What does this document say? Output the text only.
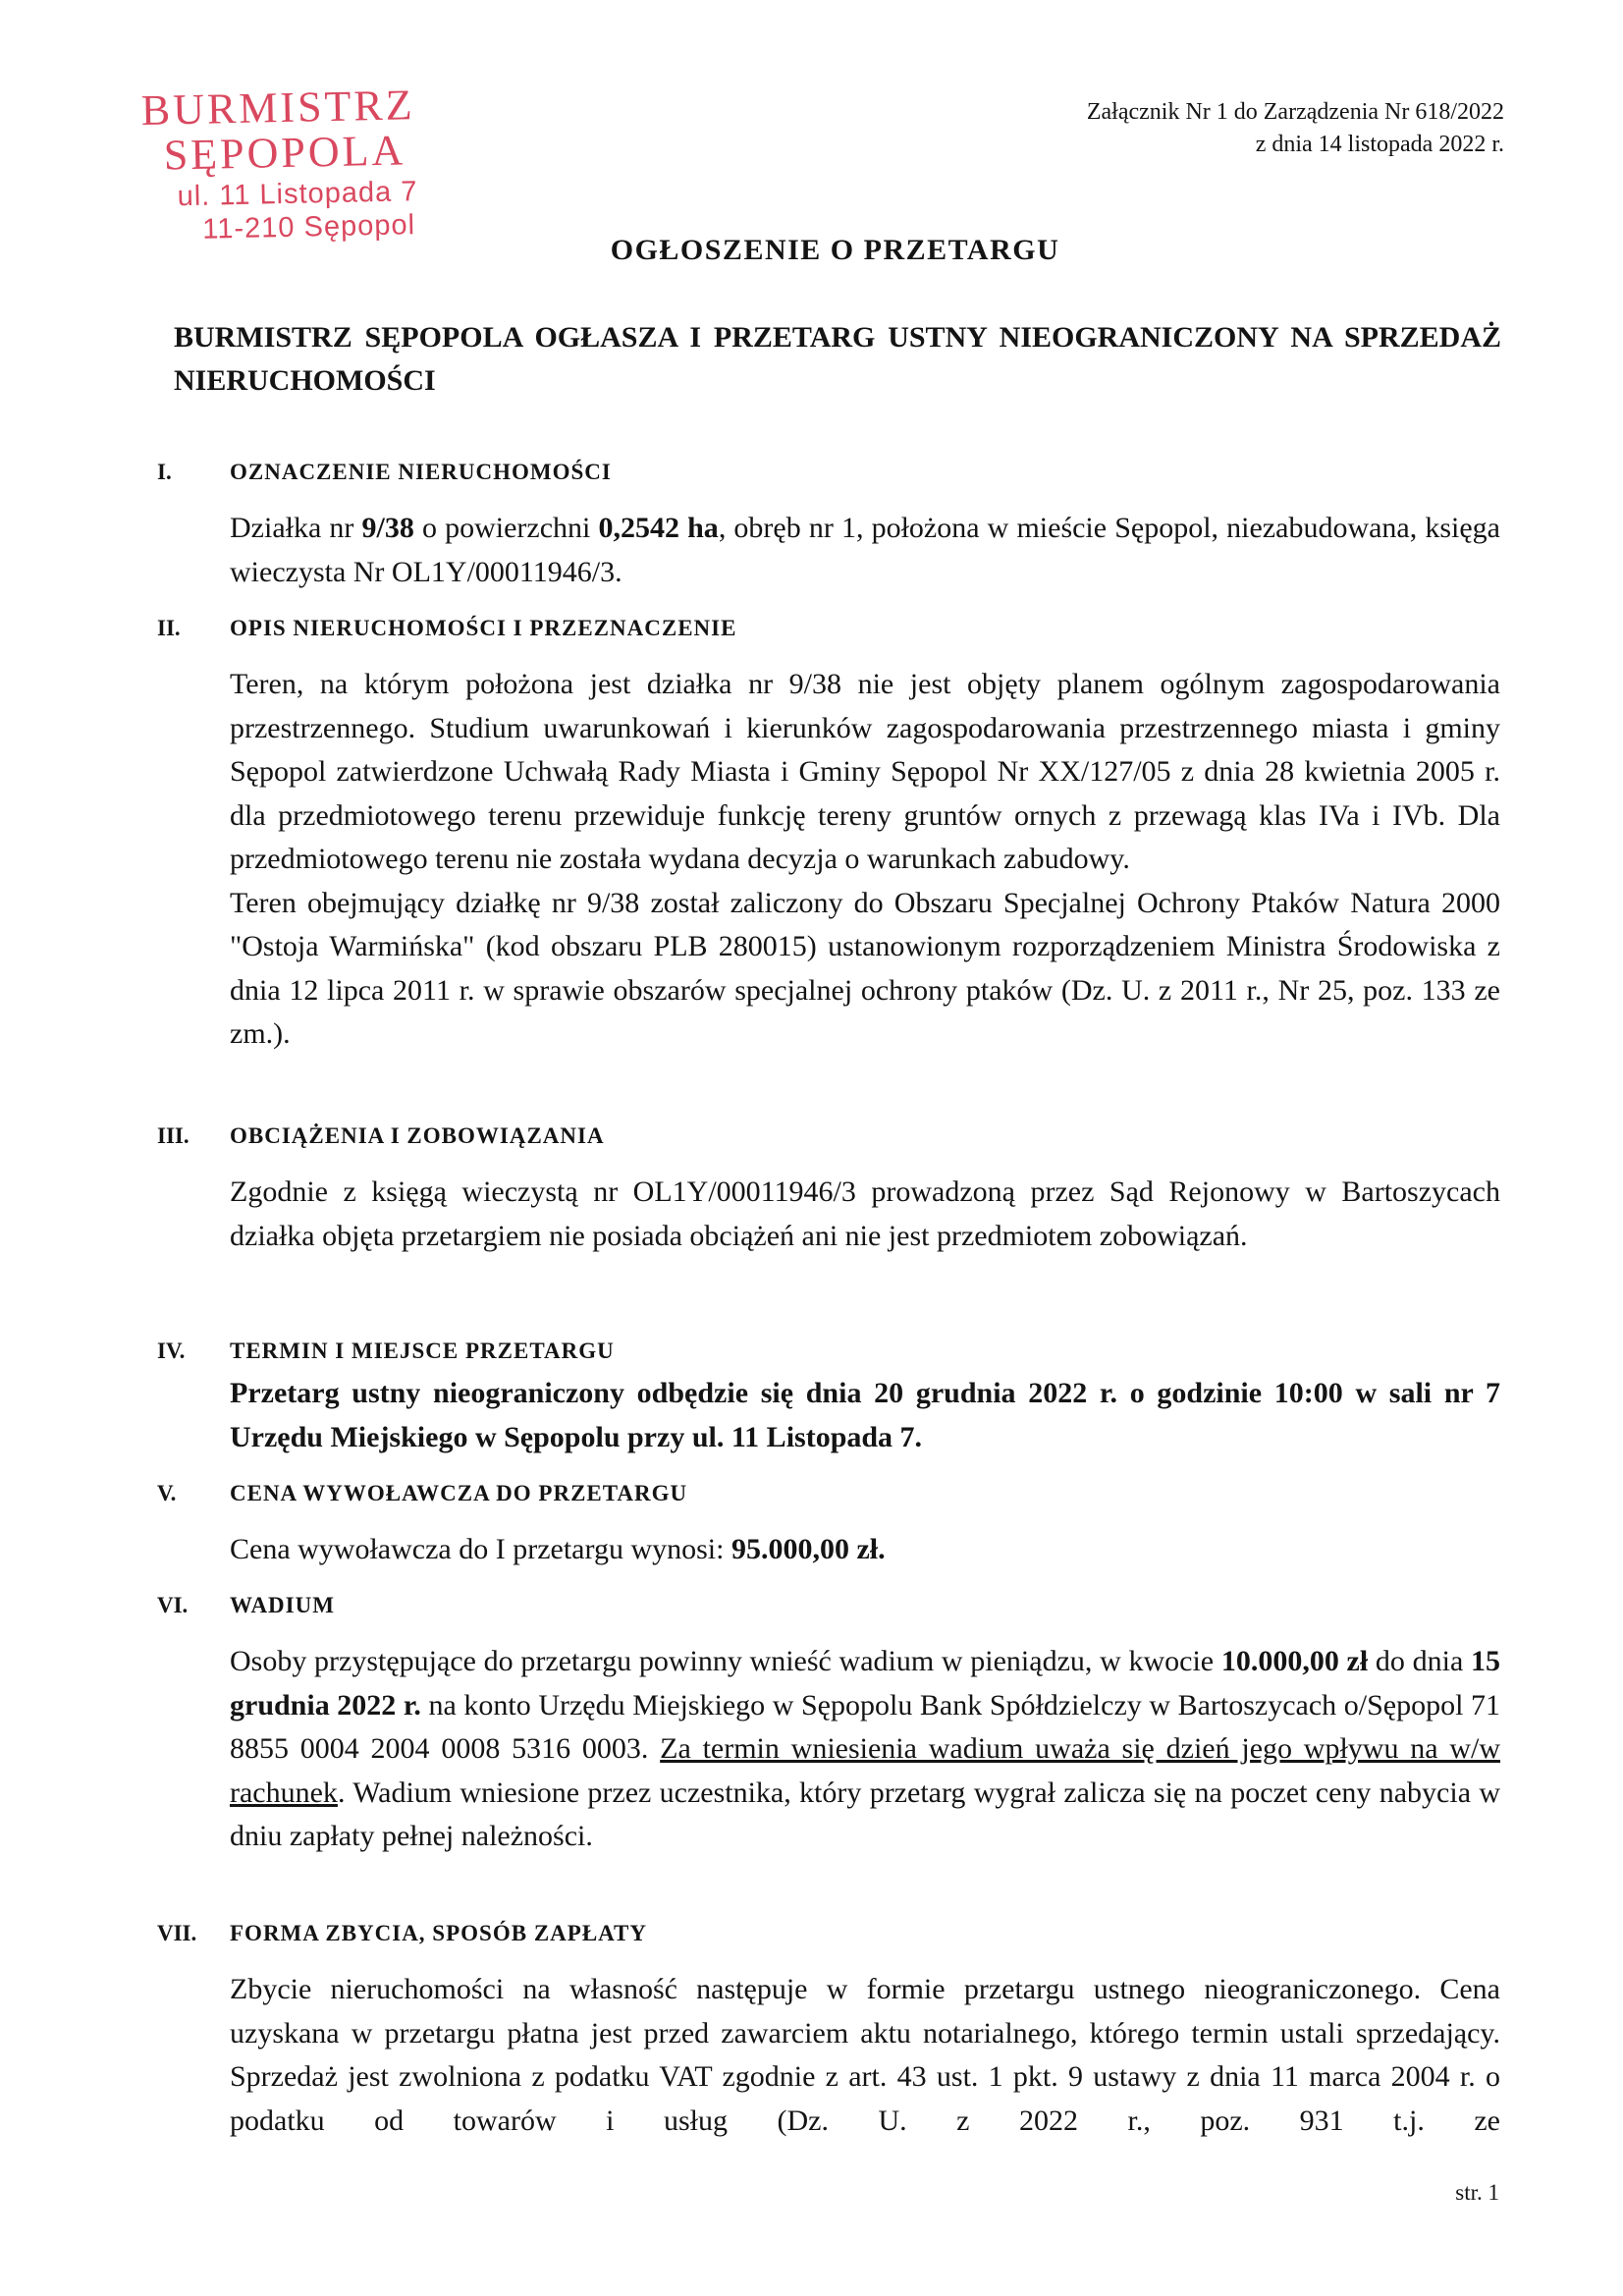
BURMISTRZ
SĘPOPOLA
ul. 11 Listopada 7
11-210 Sępopol
Załącznik Nr 1 do Zarządzenia Nr 618/2022
z dnia 14 listopada 2022 r.
OGŁOSZENIE O PRZETARGU
BURMISTRZ SĘPOPOLA OGŁASZA I PRZETARG USTNY NIEOGRANICZONY NA SPRZEDAŻ NIERUCHOMOŚCI
I.	OZNACZENIE NIERUCHOMOŚCI

Działka nr 9/38 o powierzchni 0,2542 ha, obręb nr 1, położona w mieście Sępopol, niezabudowana, księga wieczysta Nr OL1Y/00011946/3.

II.	OPIS NIERUCHOMOŚCI I PRZEZNACZENIE

Teren, na którym położona jest działka nr 9/38 nie jest objęty planem ogólnym zagospodarowania przestrzennego. Studium uwarunkowań i kierunków zagospodarowania przestrzennego miasta i gminy Sępopol zatwierdzone Uchwałą Rady Miasta i Gminy Sępopol Nr XX/127/05 z dnia 28 kwietnia 2005 r. dla przedmiotowego terenu przewiduje funkcję tereny gruntów ornych z przewagą klas IVa i IVb. Dla przedmiotowego terenu nie została wydana decyzja o warunkach zabudowy.

Teren obejmujący działkę nr 9/38 został zaliczony do Obszaru Specjalnej Ochrony Ptaków Natura 2000 "Ostoja Warmińska" (kod obszaru PLB 280015) ustanowionym rozporządzeniem Ministra Środowiska z dnia 12 lipca 2011 r. w sprawie obszarów specjalnej ochrony ptaków (Dz. U. z 2011 r., Nr 25, poz. 133 ze zm.).

III.	OBCIĄŻENIA I ZOBOWIĄZANIA

Zgodnie z księgą wieczystą nr OL1Y/00011946/3 prowadzoną przez Sąd Rejonowy w Bartoszycach działka objęta przetargiem nie posiada obciążeń ani nie jest przedmiotem zobowiązań.

IV.	TERMIN I MIEJSCE PRZETARGU

Przetarg ustny nieograniczony odbędzie się dnia 20 grudnia 2022 r. o godzinie 10:00 w sali nr 7 Urzędu Miejskiego w Sępopolu przy ul. 11 Listopada 7.

V.	CENA WYWOŁAWCZA DO PRZETARGU

Cena wywoławcza do I przetargu wynosi: 95.000,00 zł.

VI.	WADIUM

Osoby przystępujące do przetargu powinny wnieść wadium w pieniądzu, w kwocie 10.000,00 zł do dnia 15 grudnia 2022 r. na konto Urzędu Miejskiego w Sępopolu Bank Spółdzielczy w Bartoszycach o/Sępopol 71 8855 0004 2004 0008 5316 0003. Za termin wniesienia wadium uważa się dzień jego wpływu na w/w rachunek. Wadium wniesione przez uczestnika, który przetarg wygrał zalicza się na poczet ceny nabycia w dniu zapłaty pełnej należności.

VII.	FORMA ZBYCIA, SPOSÓB ZAPŁATY

Zbycie nieruchomości na własność następuje w formie przetargu ustnego nieograniczonego. Cena uzyskana w przetargu płatna jest przed zawarciem aktu notarialnego, którego termin ustali sprzedający. Sprzedaż jest zwolniona z podatku VAT zgodnie z art. 43 ust. 1 pkt. 9 ustawy z dnia 11 marca 2004 r. o podatku od towarów i usług (Dz. U. z 2022 r., poz. 931 t.j. ze

str. 1
